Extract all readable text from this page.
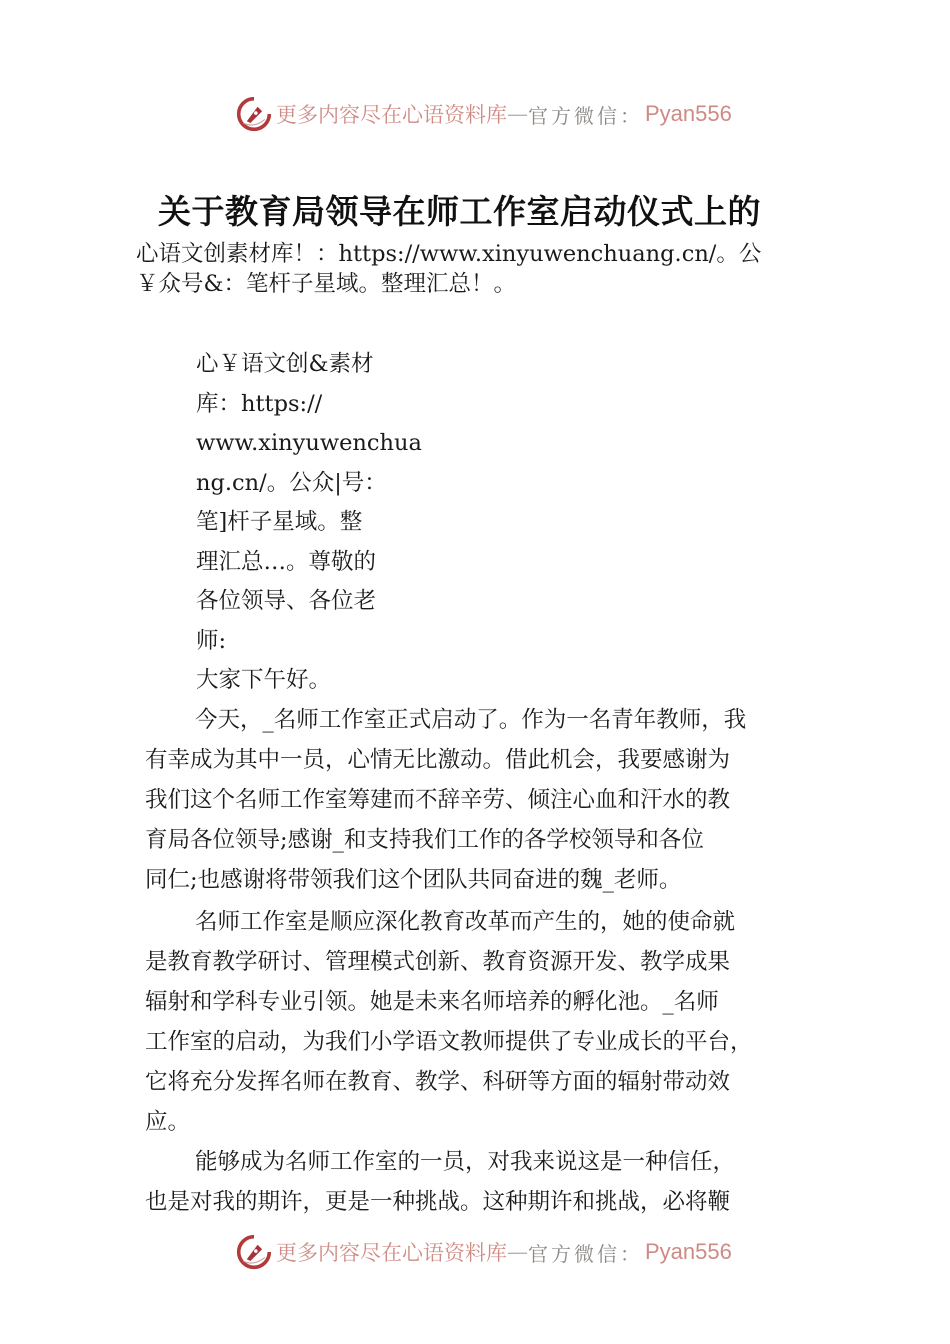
更多内容尽在心语资料库 — 官方微信： Pyan556
关于教育局领导在师工作室启动仪式上的
心语文创素材库！：https://www.xinyuwenchuang.cn/。公
￥众号&：笔杆子星域。整理汇总！。
心￥语文创&素材
库：https://
www.xinyuwenchua
ng.cn/。公众|号：
笔]杆子星域。整
理汇总…。尊敬的
各位领导、各位老
师:
大家下午好。
今天，_名师工作室正式启动了。作为一名青年教师，我
有幸成为其中一员，心情无比激动。借此机会，我要感谢为
我们这个名师工作室筹建而不辞辛劳、倾注心血和汗水的教
育局各位领导;感谢_和支持我们工作的各学校领导和各位
同仁;也感谢将带领我们这个团队共同奋进的魏_老师。
名师工作室是顺应深化教育改革而产生的，她的使命就
是教育教学研讨、管理模式创新、教育资源开发、教学成果
辐射和学科专业引领。她是未来名师培养的孵化池。_名师
工作室的启动，为我们小学语文教师提供了专业成长的平台，
它将充分发挥名师在教育、教学、科研等方面的辐射带动效
应。
能够成为名师工作室的一员，对我来说这是一种信任，
也是对我的期许，更是一种挑战。这种期许和挑战，必将鞭
更多内容尽在心语资料库 — 官方微信： Pyan556
